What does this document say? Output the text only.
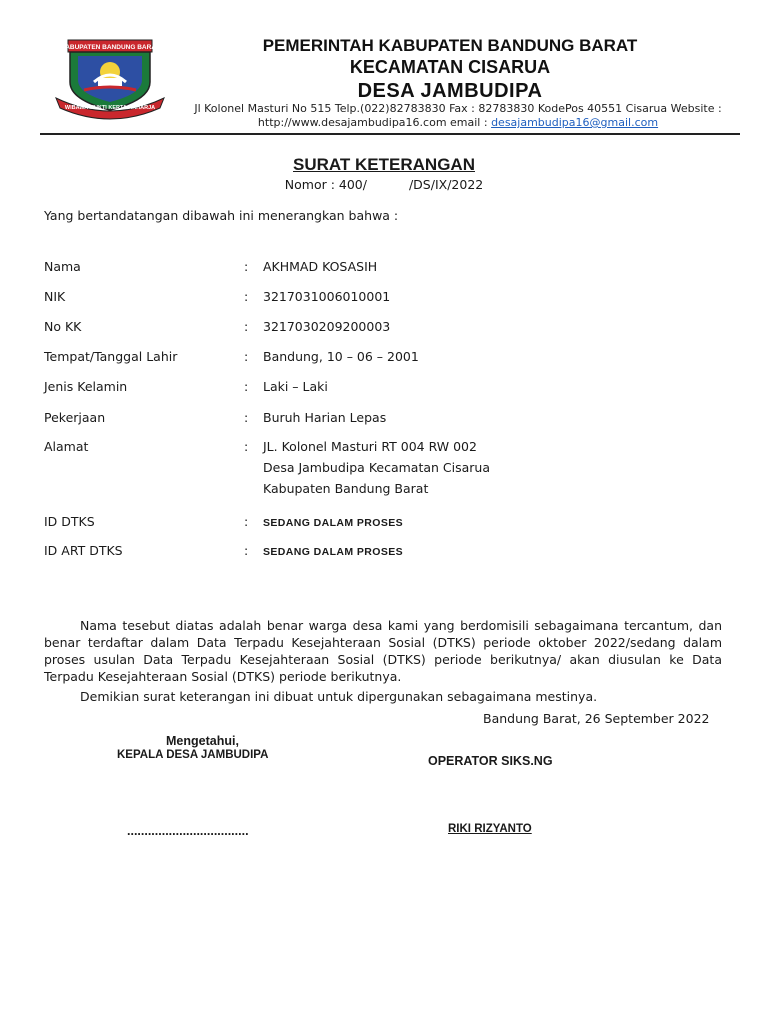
KABUPATEN BANDUNG BARAT
WIBAWA MUKTI KERTA RAHARJA
PEMERINTAH KABUPATEN BANDUNG BARAT
KECAMATAN CISARUA
DESA JAMBUDIPA
Jl Kolonel Masturi No 515 Telp.(022)82783830 Fax : 82783830 KodePos 40551 Cisarua Website :
http://www.desajambudipa16.com email : desajambudipa16@gmail.com
SURAT KETERANGAN
Nomor : 400/	/DS/IX/2022
Yang bertandatangan dibawah ini menerangkan bahwa :
Nama	: AKHMAD KOSASIH
NIK	: 3217031006010001
No KK	: 3217030209200003
Tempat/Tanggal Lahir	: Bandung, 10 – 06 – 2001
Jenis Kelamin	: Laki – Laki
Pekerjaan	: Buruh Harian Lepas
Alamat	: JL. Kolonel Masturi RT 004 RW 002
Desa Jambudipa Kecamatan Cisarua
Kabupaten Bandung Barat
ID DTKS	: SEDANG DALAM PROSES
ID ART DTKS	: SEDANG DALAM PROSES
Nama tesebut diatas adalah benar warga desa kami yang berdomisili sebagaimana tercantum, dan benar terdaftar dalam Data Terpadu Kesejahteraan Sosial (DTKS) periode oktober 2022/sedang dalam proses usulan Data Terpadu Kesejahteraan Sosial (DTKS) periode berikutnya/ akan diusulan ke Data Terpadu Kesejahteraan Sosial (DTKS) periode berikutnya.
Demikian surat keterangan ini dibuat untuk dipergunakan sebagaimana mestinya.
Bandung Barat, 26 September 2022
Mengetahui,
KEPALA DESA JAMBUDIPA	OPERATOR SIKS.NG
...................................	RIKI RIZYANTO
